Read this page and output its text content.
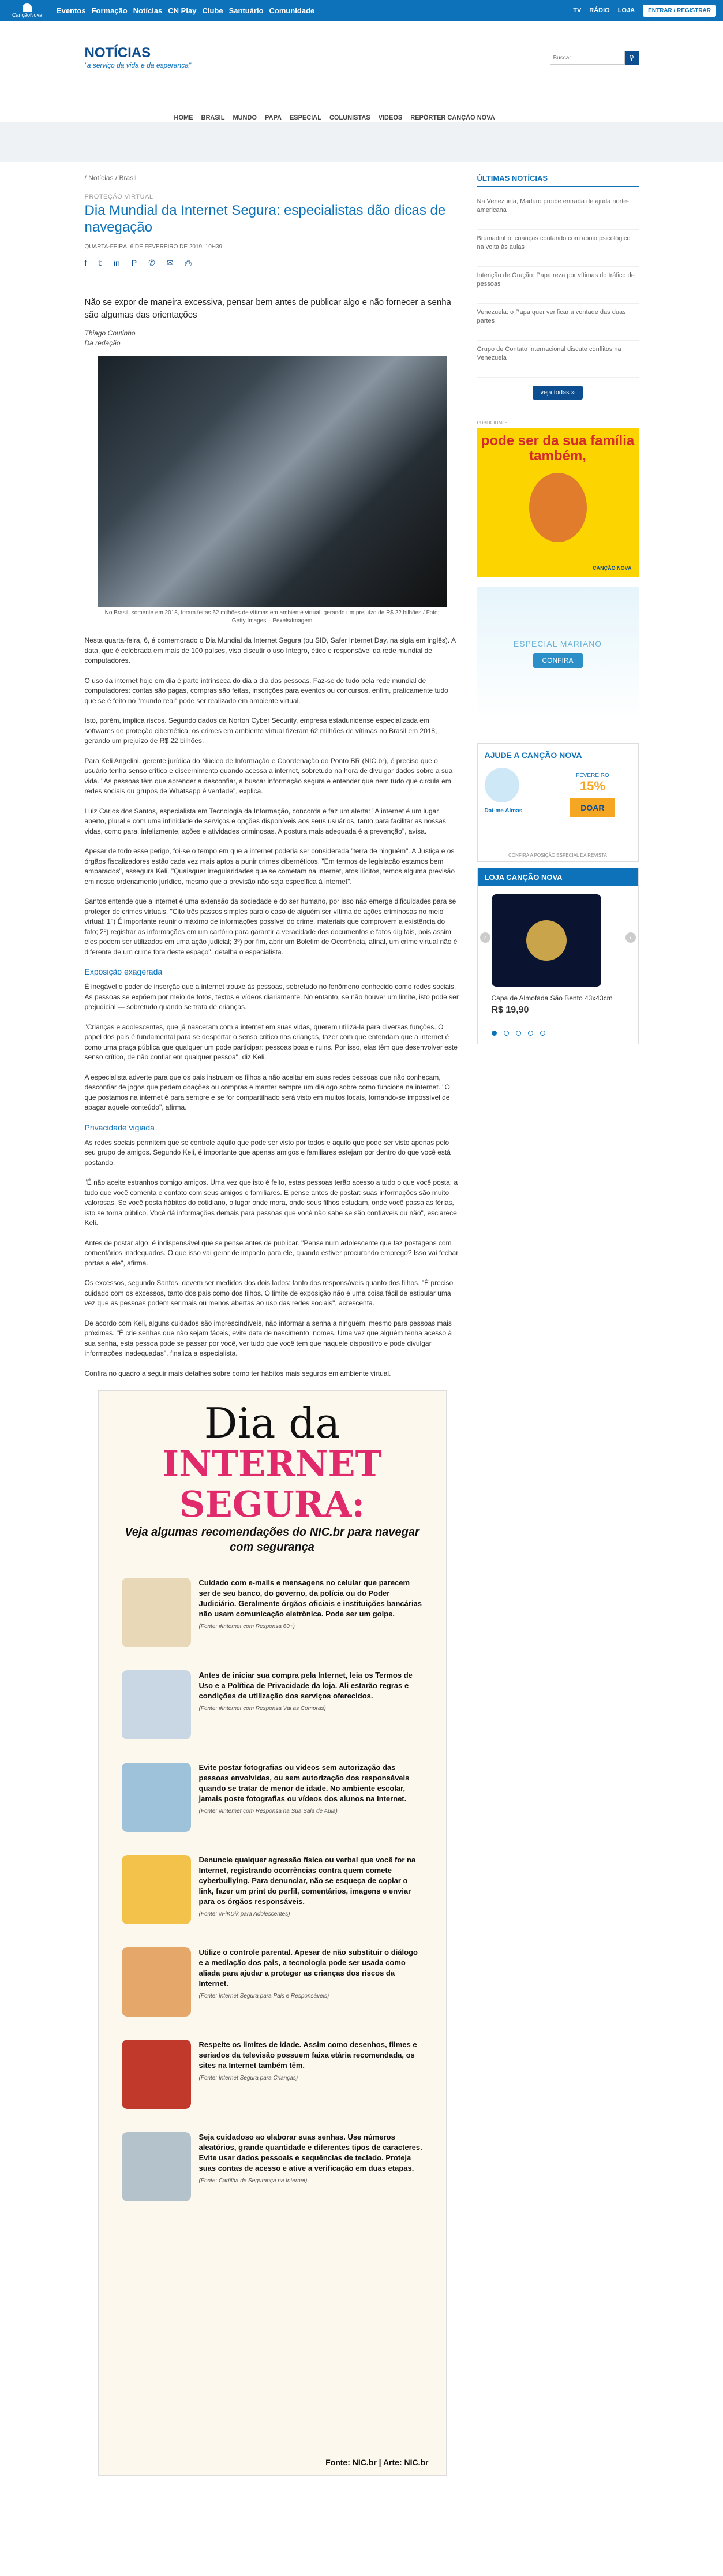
CançãoNova Eventos Formação Notícias CN Play Clube Santuário Comunidade	TV RÁDIO LOJA	ENTRAR / REGISTRAR
NOTÍCIAS
"a serviço da vida e da esperança"
Buscar
⚲
HOME BRASIL MUNDO PAPA ESPECIAL COLUNISTAS VIDEOS REPÓRTER CANÇÃO NOVA
/ Notícias / Brasil
PROTEÇÃO VIRTUAL
Dia Mundial da Internet Segura: especialistas dão dicas de navegação
QUARTA-FEIRA, 6 DE FEVEREIRO DE 2019, 10H39
f 𝕥 in P ✆ ✉ ⎙
Não se expor de maneira excessiva, pensar bem antes de publicar algo e não fornecer a senha são algumas das orientações
Thiago Coutinho
Da redação
No Brasil, somente em 2018, foram feitas 62 milhões de vítimas em ambiente virtual, gerando um prejuízo de R$ 22 bilhões / Foto: Getty Images – Pexels/Imagem

Nesta quarta-feira, 6, é comemorado o Dia Mundial da Internet Segura (ou SID, Safer Internet Day, na sigla em inglês). A data, que é celebrada em mais de 100 países, visa discutir o uso íntegro, ético e responsável da rede mundial de computadores.

O uso da internet hoje em dia é parte intrínseca do dia a dia das pessoas. Faz-se de tudo pela rede mundial de computadores: contas são pagas, compras são feitas, inscrições para eventos ou concursos, enfim, praticamente tudo que se é feito no "mundo real" pode ser realizado em ambiente virtual.

Isto, porém, implica riscos. Segundo dados da Norton Cyber Security, empresa estadunidense especializada em softwares de proteção cibernética, os crimes em ambiente virtual fizeram 62 milhões de vítimas no Brasil em 2018, gerando um prejuízo de R$ 22 bilhões.

Para Keli Angelini, gerente jurídica do Núcleo de Informação e Coordenação do Ponto BR (NIC.br), é preciso que o usuário tenha senso crítico e discernimento quando acessa a internet, sobretudo na hora de divulgar dados sobre a sua vida. "As pessoas têm que aprender a desconfiar, a buscar informação segura e entender que nem tudo que circula em redes sociais ou grupos de Whatsapp é verdade", explica.

Luiz Carlos dos Santos, especialista em Tecnologia da Informação, concorda e faz um alerta: "A internet é um lugar aberto, plural e com uma infinidade de serviços e opções disponíveis aos seus usuários, tanto para facilitar as nossas vidas, como para, infelizmente, ações e atividades criminosas. A postura mais adequada é a prevenção", avisa.

Apesar de todo esse perigo, foi-se o tempo em que a internet poderia ser considerada "terra de ninguém". A Justiça e os órgãos fiscalizadores estão cada vez mais aptos a punir crimes cibernéticos. "Em termos de legislação estamos bem amparados", assegura Keli. "Quaisquer irregularidades que se cometam na internet, atos ilícitos, temos alguma previsão em nosso ordenamento jurídico, mesmo que a previsão não seja específica à internet".

Santos entende que a internet é uma extensão da sociedade e do ser humano, por isso não emerge dificuldades para se proteger de crimes virtuais. "Cito três passos simples para o caso de alguém ser vítima de ações criminosas no meio virtual: 1º) É importante reunir o máximo de informações possível do crime, materiais que comprovem a existência do fato; 2º) registrar as informações em um cartório para garantir a veracidade dos documentos e fatos digitais, pois assim eles podem ser utilizados em uma ação judicial; 3º) por fim, abrir um Boletim de Ocorrência, afinal, um crime virtual não é diferente de um crime fora deste espaço", detalha o especialista.

Exposição exagerada

É inegável o poder de inserção que a internet trouxe às pessoas, sobretudo no fenômeno conhecido como redes sociais. As pessoas se expõem por meio de fotos, textos e vídeos diariamente. No entanto, se não houver um limite, isto pode ser prejudicial — sobretudo quando se trata de crianças.

"Crianças e adolescentes, que já nasceram com a internet em suas vidas, querem utilizá-la para diversas funções. O papel dos pais é fundamental para se despertar o senso crítico nas crianças, fazer com que entendam que a internet é como uma praça pública que qualquer um pode participar: pessoas boas e ruins. Por isso, elas têm que desenvolver este senso crítico, de não confiar em qualquer pessoa", diz Keli.

A especialista adverte para que os pais instruam os filhos a não aceitar em suas redes pessoas que não conheçam, desconfiar de jogos que pedem doações ou compras e manter sempre um diálogo sobre como funciona na internet. "O que postamos na internet é para sempre e se for compartilhado será visto em muitos locais, tornando-se impossível de apagar aquele conteúdo", afirma.

Privacidade vigiada

As redes sociais permitem que se controle aquilo que pode ser visto por todos e aquilo que pode ser visto apenas pelo seu grupo de amigos. Segundo Keli, é importante que apenas amigos e familiares estejam por dentro do que você está postando.

"É não aceite estranhos comigo amigos. Uma vez que isto é feito, estas pessoas terão acesso a tudo o que você posta; a tudo que você comenta e contato com seus amigos e familiares. E pense antes de postar: suas informações são muito valorosas. Se você posta hábitos do cotidiano, o lugar onde mora, onde seus filhos estudam, onde você passa as férias, isto se torna público. Você dá informações demais para pessoas que você não sabe se são confiáveis ou não", esclarece Keli.

Antes de postar algo, é indispensável que se pense antes de publicar. "Pense num adolescente que faz postagens com comentários inadequados. O que isso vai gerar de impacto para ele, quando estiver procurando emprego? Isso vai fechar portas a ele", afirma.

Os excessos, segundo Santos, devem ser medidos dos dois lados: tanto dos responsáveis quanto dos filhos. "É preciso cuidado com os excessos, tanto dos pais como dos filhos. O limite de exposição não é uma coisa fácil de estipular uma vez que as pessoas podem ser mais ou menos abertas ao uso das redes sociais", acrescenta.

De acordo com Keli, alguns cuidados são imprescindíveis, não informar a senha a ninguém, mesmo para pessoas mais próximas. "É crie senhas que não sejam fáceis, evite data de nascimento, nomes. Uma vez que alguém tenha acesso à sua senha, esta pessoa pode se passar por você, ver tudo que você tem que naquele dispositivo e pode divulgar informações inadequadas", finaliza a especialista.

Confira no quadro a seguir mais detalhes sobre como ter hábitos mais seguros em ambiente virtual.

Dia da
INTERNET SEGURA:
Veja algumas recomendações do NIC.br para navegar com segurança
Cuidado com e-mails e mensagens no celular que parecem ser de seu banco, do governo, da polícia ou do Poder Judiciário. Geralmente órgãos oficiais e instituições bancárias não usam comunicação eletrônica. Pode ser um golpe.
(Fonte: #Internet com Responsa 60+)
Antes de iniciar sua compra pela Internet, leia os Termos de Uso e a Política de Privacidade da loja. Ali estarão regras e condições de utilização dos serviços oferecidos.
(Fonte: #Internet com Responsa Vai as Compras)
Evite postar fotografias ou vídeos sem autorização das pessoas envolvidas, ou sem autorização dos responsáveis quando se tratar de menor de idade. No ambiente escolar, jamais poste fotografias ou vídeos dos alunos na Internet.
(Fonte: #Internet com Responsa na Sua Sala de Aula)
Denuncie qualquer agressão física ou verbal que você for na Internet, registrando ocorrências contra quem comete cyberbullying. Para denunciar, não se esqueça de copiar o link, fazer um print do perfil, comentários, imagens e enviar para os órgãos responsáveis.
(Fonte: #FiKDik para Adolescentes)
Utilize o controle parental. Apesar de não substituir o diálogo e a mediação dos pais, a tecnologia pode ser usada como aliada para ajudar a proteger as crianças dos riscos da Internet.
(Fonte: Internet Segura para Pais e Responsáveis)
Respeite os limites de idade. Assim como desenhos, filmes e seriados da televisão possuem faixa etária recomendada, os sites na Internet também têm.
(Fonte: Internet Segura para Crianças)
Seja cuidadoso ao elaborar suas senhas. Use números aleatórios, grande quantidade e diferentes tipos de caracteres. Evite usar dados pessoais e sequências de teclado. Proteja suas contas de acesso e ative a verificação em duas etapas.
(Fonte: Cartilha de Segurança na Internet)
Fonte: NIC.br | Arte: NIC.br
ÚLTIMAS NOTÍCIAS
Na Venezuela, Maduro proíbe entrada de ajuda norte-americana
Brumadinho: crianças contando com apoio psicológico na volta às aulas
Intenção de Oração: Papa reza por vítimas do tráfico de pessoas
Venezuela: o Papa quer verificar a vontade das duas partes
Grupo de Contato Internacional discute conflitos na Venezuela
veja todas »
PUBLICIDADE
pode ser da sua família também,
CANÇÃO NOVA
ESPECIAL MARIANO
CONFIRA
AJUDE A CANÇÃO NOVA
Dai-me Almas
FEVEREIRO
15%
DOAR
CONFIRA A POSIÇÃO ESPECIAL DA REVISTA
LOJA CANÇÃO NOVA
‹
Capa de Almofada São Bento 43x43cm
R$ 19,90
›
